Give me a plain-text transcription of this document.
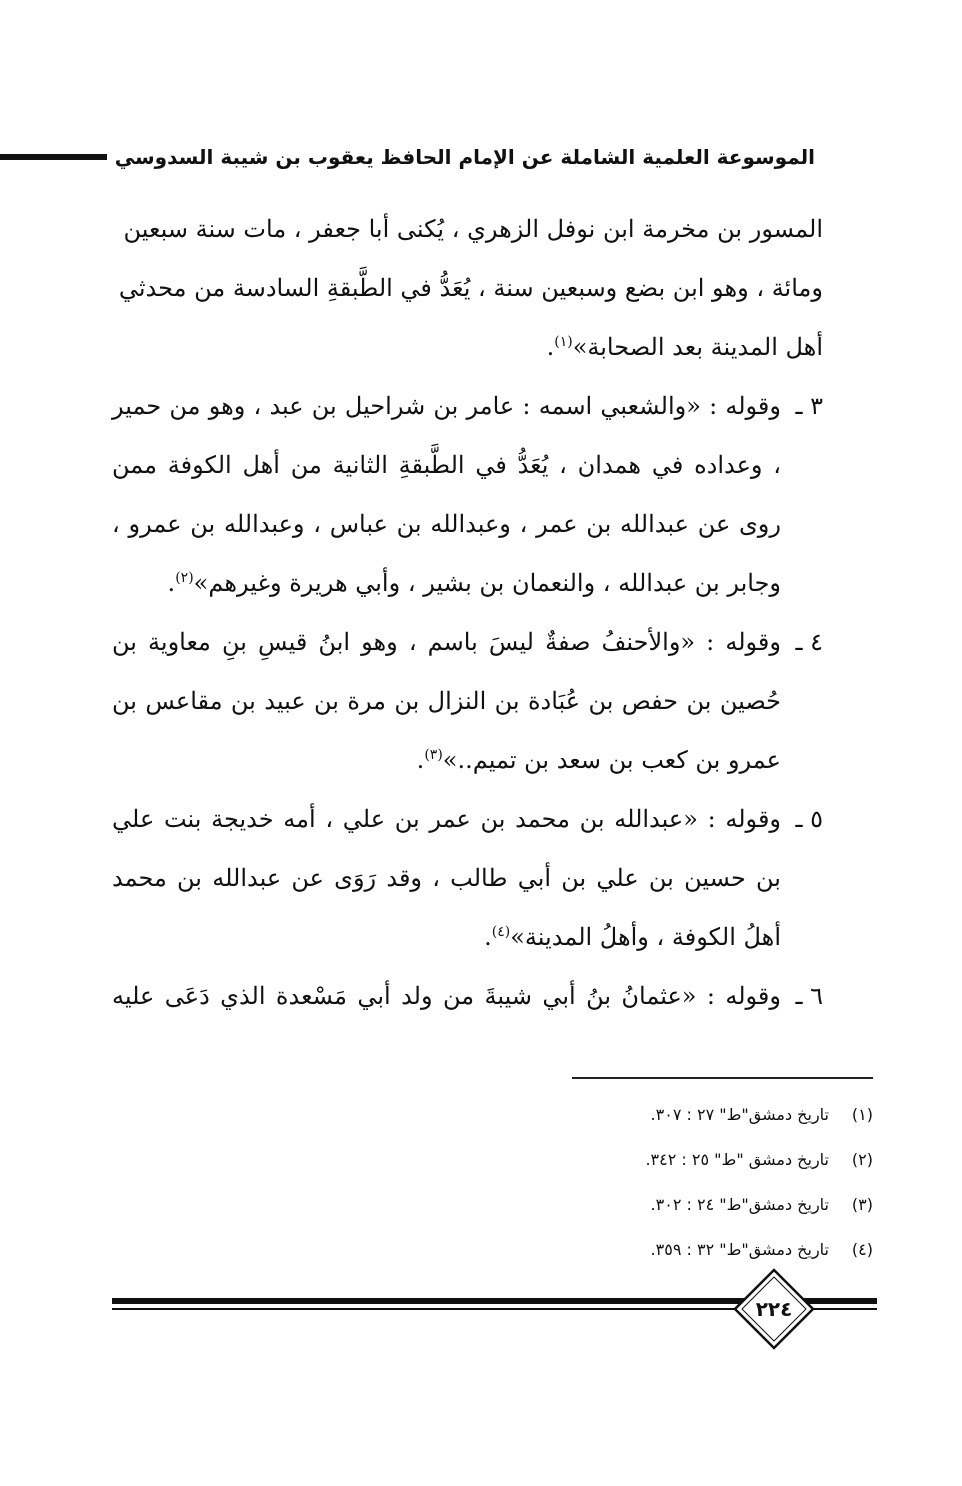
الموسوعة العلمية الشاملة عن الإمام الحافظ يعقوب بن شيبة السدوسي

المسور بن مخرمة ابن نوفل الزهري ، يُكنى أبا جعفر ، مات سنة سبعين

ومائة ، وهو ابن بضع وسبعين سنة ، يُعَدُّ في الطَّبقةِ السادسة من محدثي

أهل المدينة بعد الصحابة»$^{(١)}$.

٣ ـ
وقوله : «والشعبي اسمه : عامر بن شراحيل بن عبد ، وهو من حمير ، وعداده في همدان ، يُعَدُّ في الطَّبقةِ الثانية من أهل الكوفة ممن روى عن عبدالله بن عمر ، وعبدالله بن عباس ، وعبدالله بن عمرو ، وجابر بن عبدالله ، والنعمان بن بشير ، وأبي هريرة وغيرهم»$^{(٢)}$.
٤ ـ
وقوله : «والأحنفُ صفةٌ ليسَ باسم ، وهو ابنُ قيسِ بنِ معاوية بن حُصين بن حفص بن عُبَادة بن النزال بن مرة بن عبيد بن مقاعس بن عمرو بن كعب بن سعد بن تميم..»$^{(٣)}$.
٥ ـ
وقوله : «عبدالله بن محمد بن عمر بن علي ، أمه خديجة بنت علي بن حسين بن علي بن أبي طالب ، وقد رَوَى عن عبدالله بن محمد أهلُ الكوفة ، وأهلُ المدينة»$^{(٤)}$.
٦ ـ
وقوله : «عثمانُ بنُ أبي شيبةَ من ولد أبي مَسْعدة الذي دَعَى عليه
(١)
تاريخ دمشق"ط" ٢٧ : ٣٠٧.
(٢)
تاريخ دمشق "ط" ٢٥ : ٣٤٢.
(٣)
تاريخ دمشق"ط" ٢٤ : ٣٠٢.
(٤)
تاريخ دمشق"ط" ٣٢ : ٣٥٩.
٢٢٤
